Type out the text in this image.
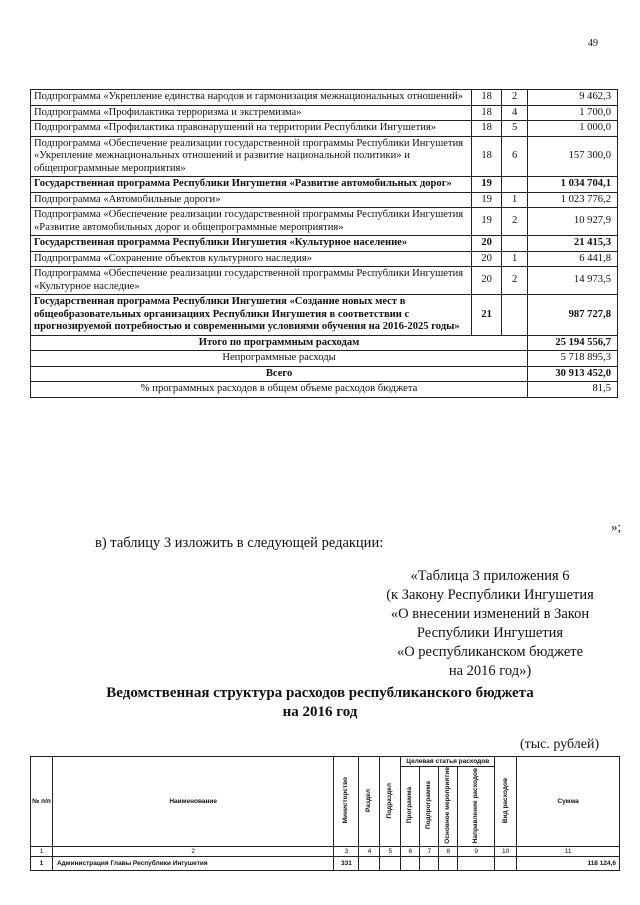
49
Подпрограмма «Укрепление единства народов и гармонизация межнациональных отношений»	18	2	9 462,3
Подпрограмма «Профилактика терроризма и экстремизма»	18	4	1 700,0
Подпрограмма «Профилактика правонарушений на территории Республики Ингушетия»	18	5	1 000,0
Подпрограмма «Обеспечение реализации государственной программы Республики Ингушетия «Укрепление межнациональных отношений и развитие национальной политики» и общепрограммные мероприятия»	18	6	157 300,0
Государственная программа Республики Ингушетия «Развитие автомобильных дорог»	19		1 034 704,1
Подпрограмма «Автомобильные дороги»	19	1	1 023 776,2
Подпрограмма «Обеспечение реализации государственной программы Республики Ингушетия «Развитие автомобильных дорог и общепрограммные мероприятия»	19	2	10 927,9
Государственная программа Республики Ингушетия «Культурное население»	20		21 415,3
Подпрограмма «Сохранение объектов культурного наследия»	20	1	6 441,8
Подпрограмма «Обеспечение реализации государственной программы Республики Ингушетия «Культурное наследие»	20	2	14 973,5
Государственная программа Республики Ингушетия «Создание новых мест в общеобразовательных организациях Республики Ингушетия в соответствии с прогнозируемой потребностью и современными условиями обучения на 2016-2025 годы»	21		987 727,8
Итого по программным расходам			25 194 556,7
Непрограммные расходы			5 718 895,3
Всего			30 913 452,0
% программных расходов в общем объеме расходов бюджета			81,5
»;
в) таблицу 3 изложить в следующей редакции:
«Таблица 3 приложения 6
(к Закону Республики Ингушетия
«О внесении изменений в Закон
Республики Ингушетия
«О республиканском бюджете
на 2016 год»)
Ведомственная структура расходов республиканского бюджета
на 2016 год
(тыс. рублей)
№ п/п	Наименование	Министерство	Раздел	Подраздел	Целевая статья расходов				Вид расходов	Сумма
					Программа	Подпрограмма	Основное мероприятие	Направление расходов		
1	2	3	4	5	6	7	8	9	10	11
1	Администрация Главы Республики Ингушетия	331								118 124,6
